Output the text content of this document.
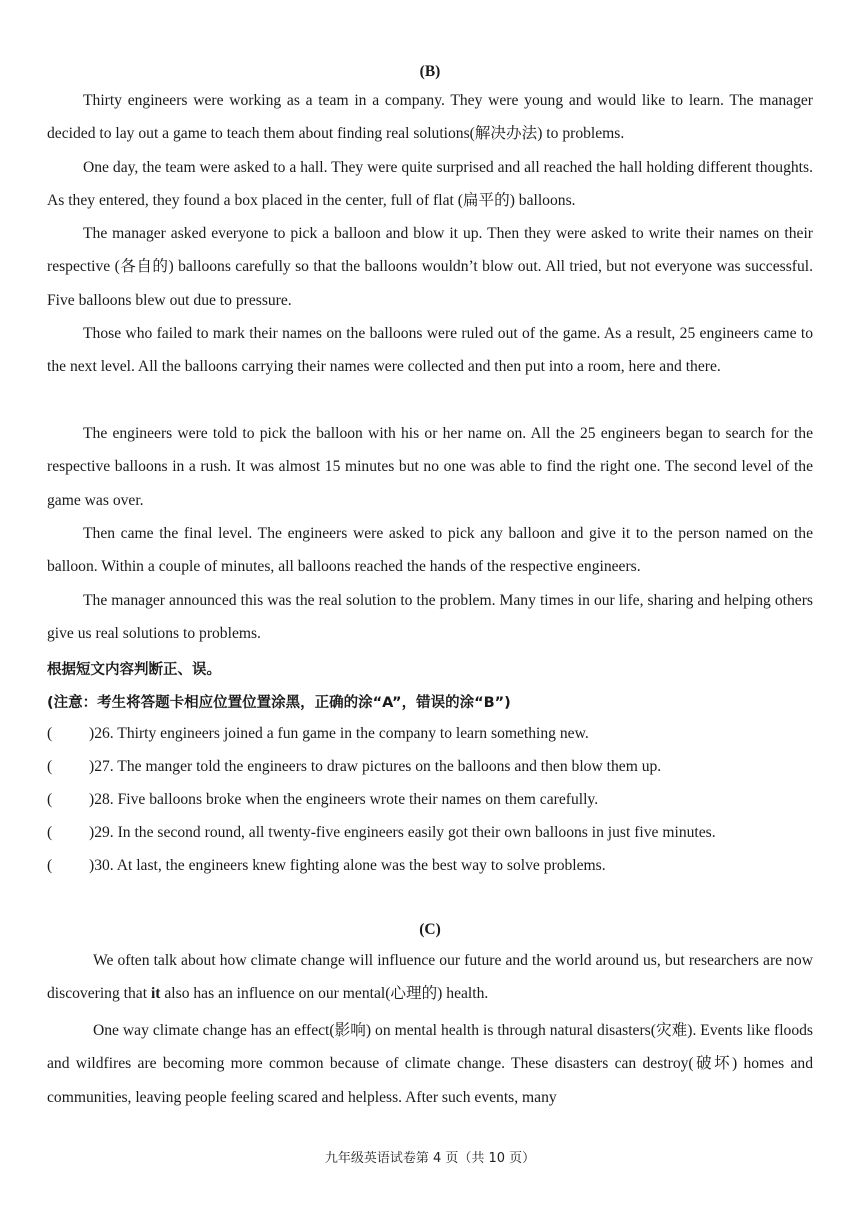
(B)

Thirty engineers were working as a team in a company. They were young and would like to learn. The manager decided to lay out a game to teach them about finding real solutions(解决办法) to problems.

One day, the team were asked to a hall. They were quite surprised and all reached the hall holding different thoughts. As they entered, they found a box placed in the center, full of flat (扁平的) balloons.

The manager asked everyone to pick a balloon and blow it up. Then they were asked to write their names on their respective (各自的) balloons carefully so that the balloons wouldn’t blow out. All tried, but not everyone was successful. Five balloons blew out due to pressure.

Those who failed to mark their names on the balloons were ruled out of the game. As a result, 25 engineers came to the next level. All the balloons carrying their names were collected and then put into a room, here and there.

The engineers were told to pick the balloon with his or her name on. All the 25 engineers began to search for the respective balloons in a rush. It was almost 15 minutes but no one was able to find the right one. The second level of the game was over.

Then came the final level. The engineers were asked to pick any balloon and give it to the person named on the balloon. Within a couple of minutes, all balloons reached the hands of the respective engineers.

The manager announced this was the real solution to the problem. Many times in our life, sharing and helping others give us real solutions to problems.

根据短文内容判断正、误。
(注意：考生将答题卡相应位置位置涂黑，正确的涂“A”，错误的涂“B”)
( )26. Thirty engineers joined a fun game in the company to learn something new.
( )27. The manger told the engineers to draw pictures on the balloons and then blow them up.
( )28. Five balloons broke when the engineers wrote their names on them carefully.
( )29. In the second round, all twenty-five engineers easily got their own balloons in just five minutes.
( )30. At last, the engineers knew fighting alone was the best way to solve problems.
(C)

We often talk about how climate change will influence our future and the world around us, but researchers are now discovering that it also has an influence on our mental(心理的) health.

One way climate change has an effect(影响) on mental health is through natural disasters(灾难). Events like floods and wildfires are becoming more common because of climate change. These disasters can destroy(破坏) homes and communities, leaving people feeling scared and helpless. After such events, many

九年级英语试卷第 4 页（共 10 页）
